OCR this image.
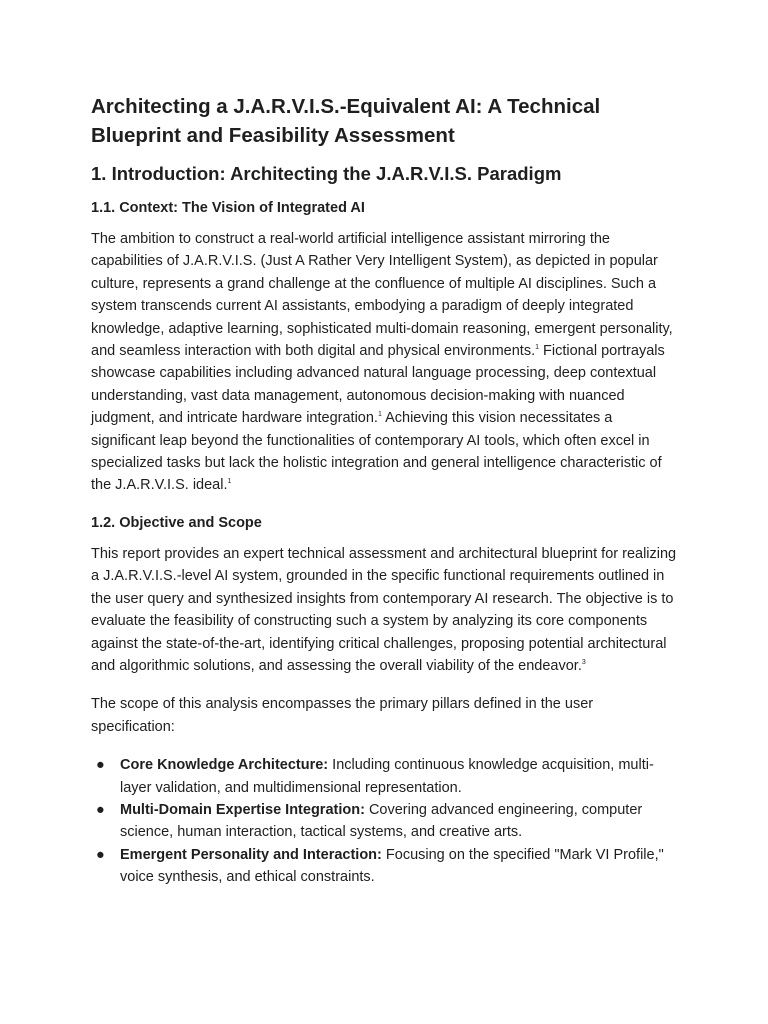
Architecting a J.A.R.V.I.S.-Equivalent AI: A Technical Blueprint and Feasibility Assessment
1. Introduction: Architecting the J.A.R.V.I.S. Paradigm
1.1. Context: The Vision of Integrated AI

The ambition to construct a real-world artificial intelligence assistant mirroring the capabilities of J.A.R.V.I.S. (Just A Rather Very Intelligent System), as depicted in popular culture, represents a grand challenge at the confluence of multiple AI disciplines. Such a system transcends current AI assistants, embodying a paradigm of deeply integrated knowledge, adaptive learning, sophisticated multi-domain reasoning, emergent personality, and seamless interaction with both digital and physical environments.$^1$ Fictional portrayals showcase capabilities including advanced natural language processing, deep contextual understanding, vast data management, autonomous decision-making with nuanced judgment, and intricate hardware integration.$^1$ Achieving this vision necessitates a significant leap beyond the functionalities of contemporary AI tools, which often excel in specialized tasks but lack the holistic integration and general intelligence characteristic of the J.A.R.V.I.S. ideal.$^1$

1.2. Objective and Scope

This report provides an expert technical assessment and architectural blueprint for realizing a J.A.R.V.I.S.-level AI system, grounded in the specific functional requirements outlined in the user query and synthesized insights from contemporary AI research. The objective is to evaluate the feasibility of constructing such a system by analyzing its core components against the state-of-the-art, identifying critical challenges, proposing potential architectural and algorithmic solutions, and assessing the overall viability of the endeavor.$^3$

The scope of this analysis encompasses the primary pillars defined in the user specification:

● Core Knowledge Architecture: Including continuous knowledge acquisition, multi-layer validation, and multidimensional representation.
● Multi-Domain Expertise Integration: Covering advanced engineering, computer science, human interaction, tactical systems, and creative arts.
● Emergent Personality and Interaction: Focusing on the specified "Mark VI Profile," voice synthesis, and ethical constraints.
